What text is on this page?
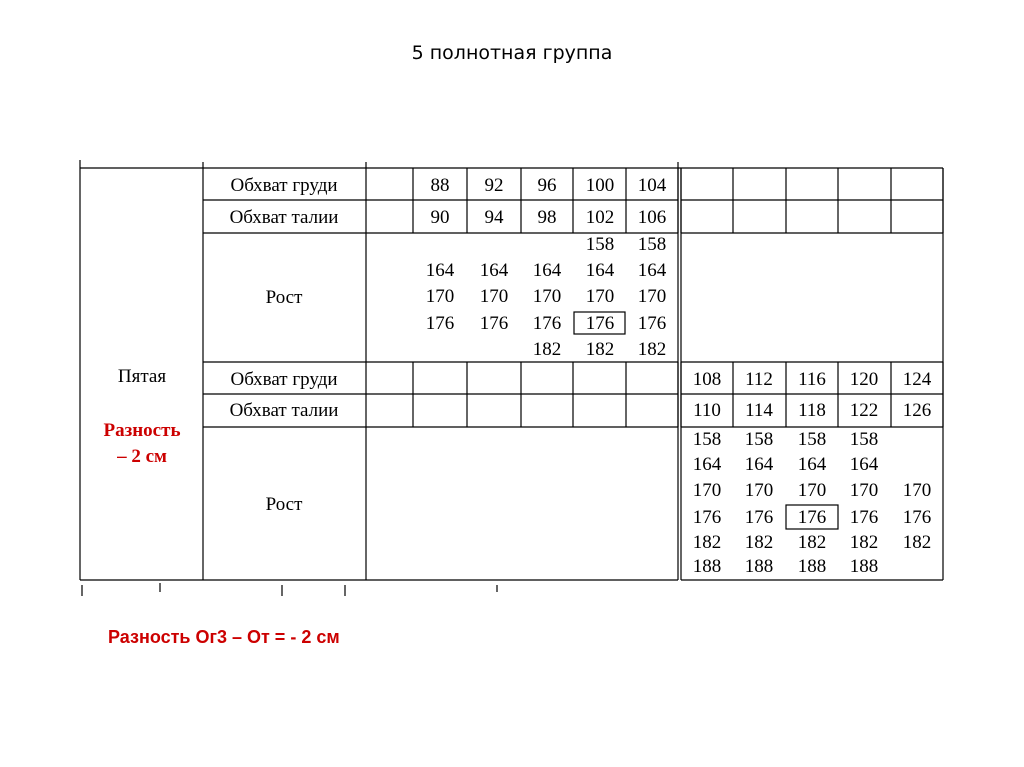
5 полнотная группа
Обхват груди
Обхват талии
Рост
Обхват груди
Обхват талии
Рост
88 92 96 100 104
90 94 98 102 106
164
170
176
164
170
176
164
170
176
182
158
164
170
176
182
158
164
170
176
182
108 112 116 120 124
110 114 118 122 126
158
164
170
176
182
188
158
164
170
176
182
188
158
164
170
176
182
188
158
164
170
176
182
188
170
176
182
Пятая
Разность
– 2 см
Разность Ог3 – От = - 2 см
